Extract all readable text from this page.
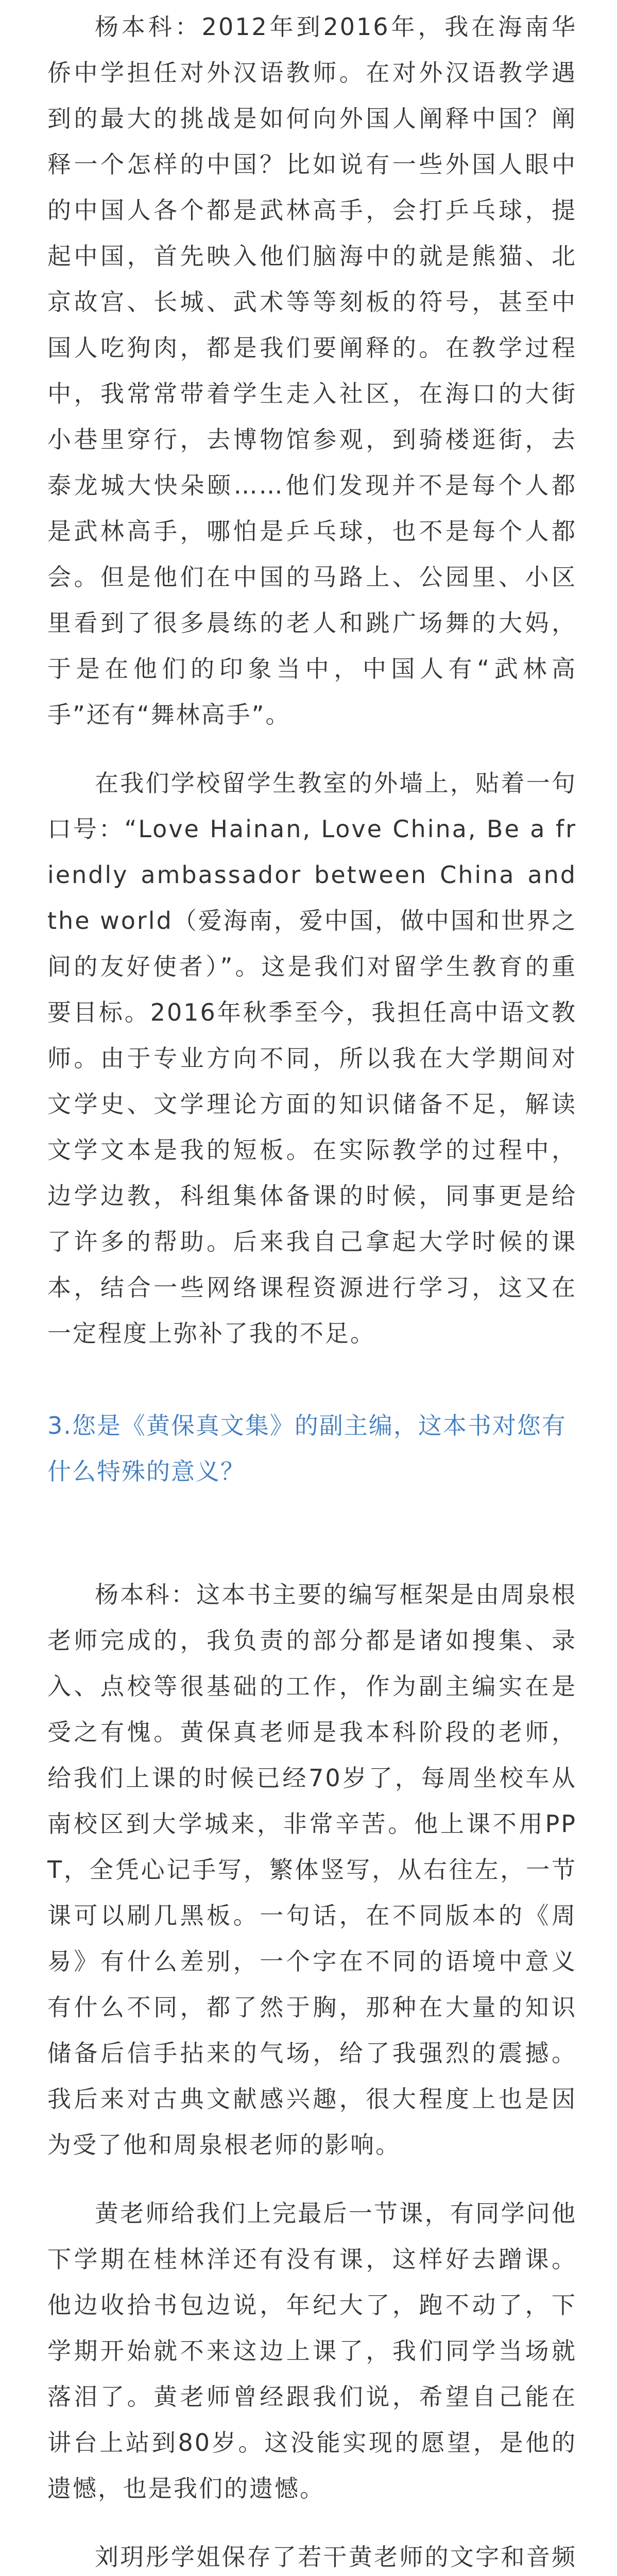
杨本科：2012年到2016年，我在海南华侨中学担任对外汉语教师。在对外汉语教学遇到的最大的挑战是如何向外国人阐释中国？阐释一个怎样的中国？比如说有一些外国人眼中的中国人各个都是武林高手，会打乒乓球，提起中国，首先映入他们脑海中的就是熊猫、北京故宫、长城、武术等等刻板的符号，甚至中国人吃狗肉，都是我们要阐释的。在教学过程中，我常常带着学生走入社区，在海口的大街小巷里穿行，去博物馆参观，到骑楼逛街，去泰龙城大快朵颐……他们发现并不是每个人都是武林高手，哪怕是乒乓球，也不是每个人都会。但是他们在中国的马路上、公园里、小区里看到了很多晨练的老人和跳广场舞的大妈，于是在他们的印象当中，中国人有“武林高手”还有“舞林高手”。

在我们学校留学生教室的外墙上，贴着一句口号：“Love Hainan, Love China, Be a friendly ambassador between China and the world（爱海南，爱中国，做中国和世界之间的友好使者）”。这是我们对留学生教育的重要目标。2016年秋季至今，我担任高中语文教师。由于专业方向不同，所以我在大学期间对文学史、文学理论方面的知识储备不足，解读文学文本是我的短板。在实际教学的过程中，边学边教，科组集体备课的时候，同事更是给了许多的帮助。后来我自己拿起大学时候的课本，结合一些网络课程资源进行学习，这又在一定程度上弥补了我的不足。

3.您是《黄保真文集》的副主编，这本书对您有什么特殊的意义？

杨本科：这本书主要的编写框架是由周泉根老师完成的，我负责的部分都是诸如搜集、录入、点校等很基础的工作，作为副主编实在是受之有愧。黄保真老师是我本科阶段的老师，给我们上课的时候已经70岁了，每周坐校车从南校区到大学城来，非常辛苦。他上课不用PPT，全凭心记手写，繁体竖写，从右往左，一节课可以刷几黑板。一句话，在不同版本的《周易》有什么差别，一个字在不同的语境中意义有什么不同，都了然于胸，那种在大量的知识储备后信手拈来的气场，给了我强烈的震撼。我后来对古典文献感兴趣，很大程度上也是因为受了他和周泉根老师的影响。

黄老师给我们上完最后一节课，有同学问他下学期在桂林洋还有没有课，这样好去蹭课。他边收拾书包边说，年纪大了，跑不动了，下学期开始就不来这边上课了，我们同学当场就落泪了。黄老师曾经跟我们说，希望自己能在讲台上站到80岁。这没能实现的愿望，是他的遗憾，也是我们的遗憾。

刘玥彤学姐保存了若干黄老师的文字和音频
